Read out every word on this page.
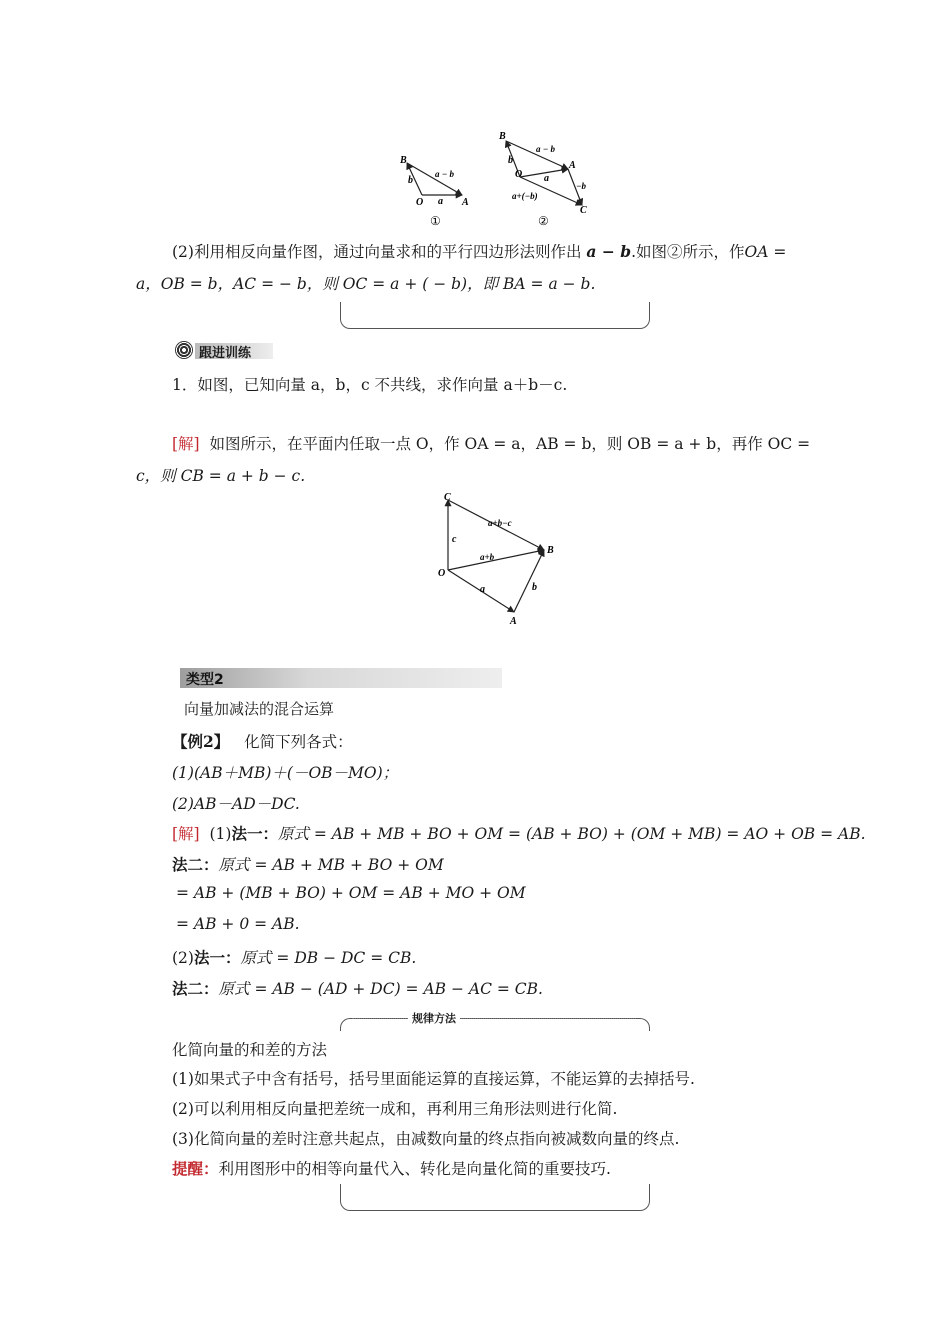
B
O	A
b
a
a − b
①
B
O
A
C
b
a
a − b
−b
a+(−b)
②
(2)利用相反向量作图，通过向量求和的平行四边形法则作出 a − b.如图②所示，作OA =
a，OB = b，AC = − b，则 OC = a + ( − b)，即 BA = a − b.
跟进训练
1．如图，已知向量 a，b，c 不共线，求作向量 a＋b－c.
[解] 如图所示，在平面内任取一点 O，作 OA = a，AB = b，则 OB = a + b，再作 OC =
c，则 CB = a + b − c.
C
O
B
A
c
a	b
a+b
a+b−c
类型2
向量加减法的混合运算
【例2】 化简下列各式：
(1)(AB＋MB)＋(－OB－MO)；
(2)AB－AD－DC.
[解] (1)法一：原式 = AB + MB + BO + OM = (AB + BO) + (OM + MB) = AO + OB = AB.
法二：原式 = AB + MB + BO + OM
= AB + (MB + BO) + OM = AB + MO + OM
= AB + 0 = AB.
(2)法一：原式 = DB − DC = CB.
法二：原式 = AB − (AD + DC) = AB − AC = CB.
规律方法
化简向量的和差的方法
(1)如果式子中含有括号，括号里面能运算的直接运算，不能运算的去掉括号.
(2)可以利用相反向量把差统一成和，再利用三角形法则进行化简.
(3)化简向量的差时注意共起点，由减数向量的终点指向被减数向量的终点.
提醒：利用图形中的相等向量代入、转化是向量化简的重要技巧.
